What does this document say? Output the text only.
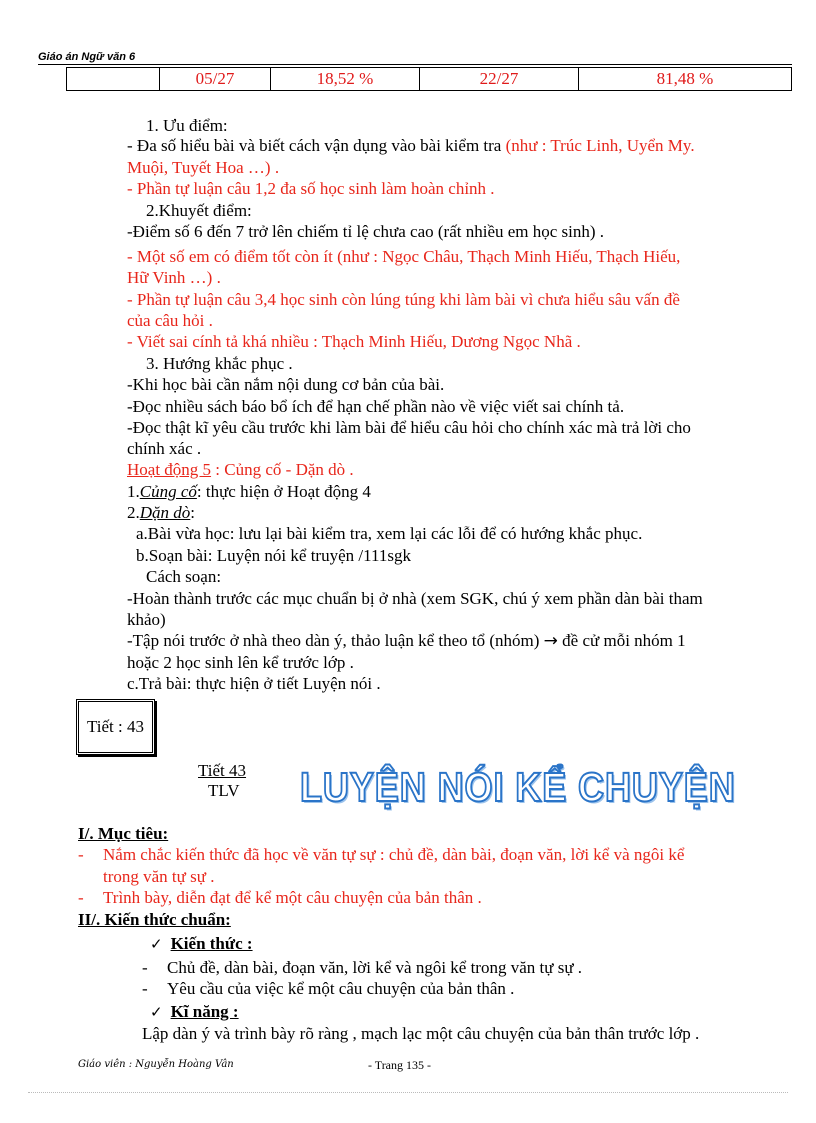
Giáo án Ngữ văn 6
	05/27	18,52 %	22/27	81,48 %
1. Ưu điểm:
- Đa số hiểu bài và biết cách vận dụng vào bài kiểm tra (như : Trúc Linh, Uyển My.
Muội, Tuyết Hoa …) .
- Phần tự luận câu 1,2 đa số học sinh làm hoàn chỉnh .
2.Khuyết điểm:
-Điểm số 6 đến 7 trở lên chiếm tỉ lệ chưa cao (rất nhiều em học sinh) .
- Một số em có điểm tốt còn ít (như : Ngọc Châu, Thạch Minh Hiếu, Thạch Hiếu,
Hữ Vinh …) .
- Phần tự luận câu 3,4 học sinh còn lúng túng khi làm bài vì chưa hiểu sâu vấn đề
của câu hỏi .
- Viết sai cính tả khá nhiều : Thạch Minh Hiếu, Dương Ngọc Nhã .
3. Hướng khắc phục .
-Khi học bài cần nắm nội dung cơ bản của bài.
-Đọc nhiều sách báo bổ ích để hạn chế phần nào về việc viết sai chính tả.
-Đọc thật kĩ yêu cầu trước khi làm bài để hiểu câu hỏi cho chính xác mà trả lời cho
chính xác .
Hoạt động 5 : Củng cố - Dặn dò .
1.Củng cố: thực hiện ở Hoạt động 4
2.Dặn dò:
a.Bài vừa học: lưu lại bài kiểm tra, xem lại các lỗi để có hướng khắc phục.
b.Soạn bài: Luyện nói kể truyện /111sgk
Cách soạn:
-Hoàn thành trước các mục chuẩn bị ở nhà (xem SGK, chú ý xem phần dàn bài tham
khảo)
-Tập nói trước ở nhà theo dàn ý, thảo luận kể theo tổ (nhóm) → đề cử mỗi nhóm 1
hoặc 2 học sinh lên kể trước lớp .
c.Trả bài: thực hiện ở tiết Luyện nói .
Tiết : 43
Tiết 43
TLV LUYỆN NÓI KỂ CHUYỆN
I/. Mục tiêu:
- Nắm chắc kiến thức đã học về văn tự sự : chủ đề, dàn bài, đoạn văn, lời kể và ngôi kể
trong văn tự sự .
- Trình bày, diễn đạt để kể một câu chuyện của bản thân .
II/. Kiến thức chuẩn:
✓ Kiến thức :
- Chủ đề, dàn bài, đoạn văn, lời kể và ngôi kể trong văn tự sự .
- Yêu cầu của việc kể một câu chuyện của bản thân .
✓ Kĩ năng :
Lập dàn ý và trình bày rõ ràng , mạch lạc một câu chuyện của bản thân trước lớp .
Giáo viên : Nguyễn Hoàng Vân	- Trang 135 -
